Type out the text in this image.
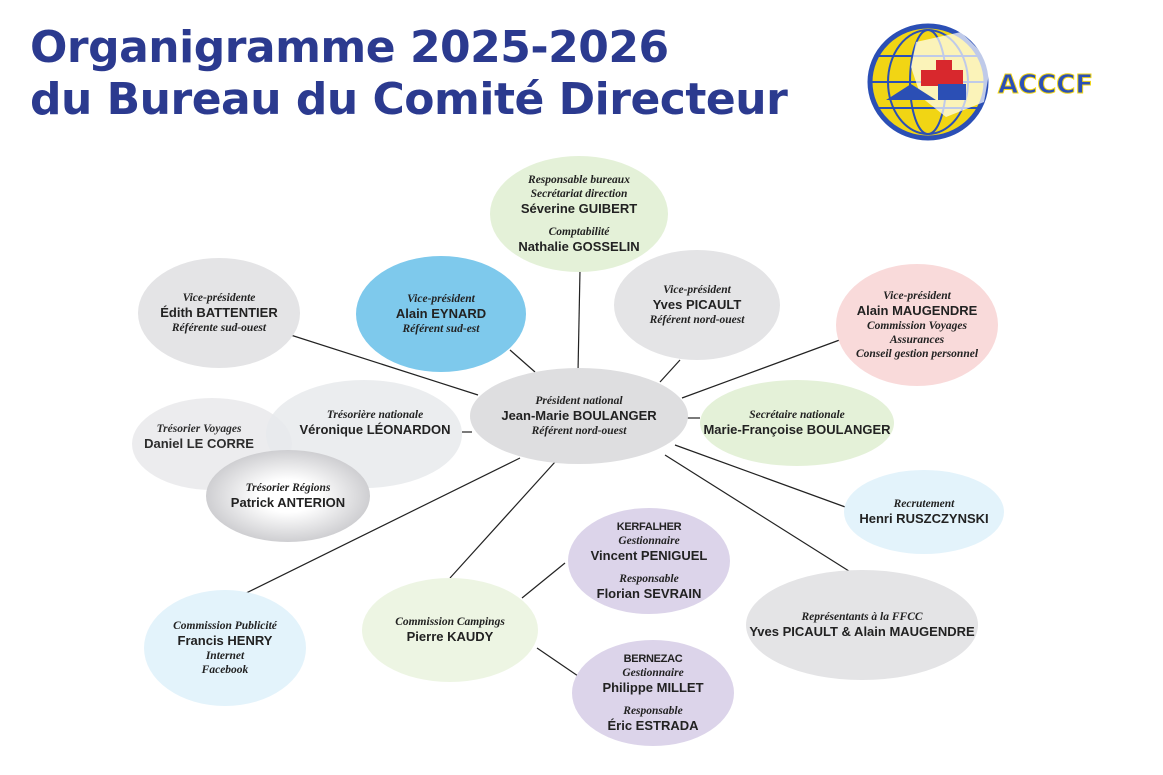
Organigramme 2025-2026
du Bureau du Comité Directeur	ACCCF
Responsable bureaux
Secrétariat direction
Séverine GUIBERT
Comptabilité
Nathalie GOSSELIN
Vice-présidente
Édith BATTENTIER
Référente sud-ouest
Vice-président
Alain EYNARD
Référent sud-est
Vice-président
Yves PICAULT
Référent nord-ouest
Vice-président
Alain MAUGENDRE
Commission Voyages
Assurances
Conseil gestion personnel
Trésorier Voyages
Daniel LE CORRE
Trésorière nationale
Véronique LÉONARDON
Trésorier Régions
Patrick ANTERION
Président national
Jean-Marie BOULANGER
Référent nord-ouest
Secrétaire nationale
Marie-Françoise BOULANGER
Recrutement
Henri RUSZCZYNSKI
Représentants à la FFCC
Yves PICAULT & Alain MAUGENDRE
Commission Publicité
Francis HENRY
Internet
Facebook
Commission Campings
Pierre KAUDY
KERFALHER
Gestionnaire
Vincent PENIGUEL
Responsable
Florian SEVRAIN
BERNEZAC
Gestionnaire
Philippe MILLET
Responsable
Éric ESTRADA
